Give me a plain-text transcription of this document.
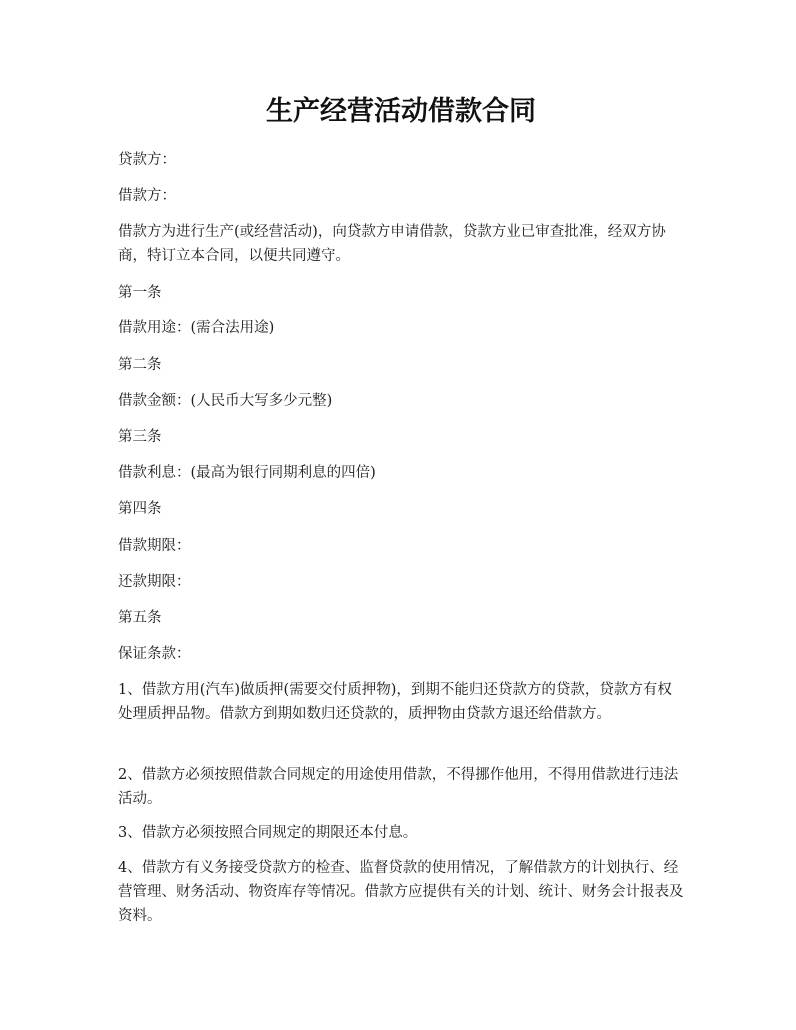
生产经营活动借款合同

贷款方：

借款方：

借款方为进行生产(或经营活动)，向贷款方申请借款，贷款方业已审查批准，经双方协商，特订立本合同，以便共同遵守。

第一条

借款用途：(需合法用途)

第二条

借款金额：(人民币大写多少元整)

第三条

借款利息：(最高为银行同期利息的四倍)

第四条

借款期限：

还款期限：

第五条

保证条款：

1、借款方用(汽车)做质押(需要交付质押物)，到期不能归还贷款方的贷款，贷款方有权处理质押品物。借款方到期如数归还贷款的，质押物由贷款方退还给借款方。

2、借款方必须按照借款合同规定的用途使用借款，不得挪作他用，不得用借款进行违法活动。

3、借款方必须按照合同规定的期限还本付息。

4、借款方有义务接受贷款方的检查、监督贷款的使用情况，了解借款方的计划执行、经营管理、财务活动、物资库存等情况。借款方应提供有关的计划、统计、财务会计报表及资料。
